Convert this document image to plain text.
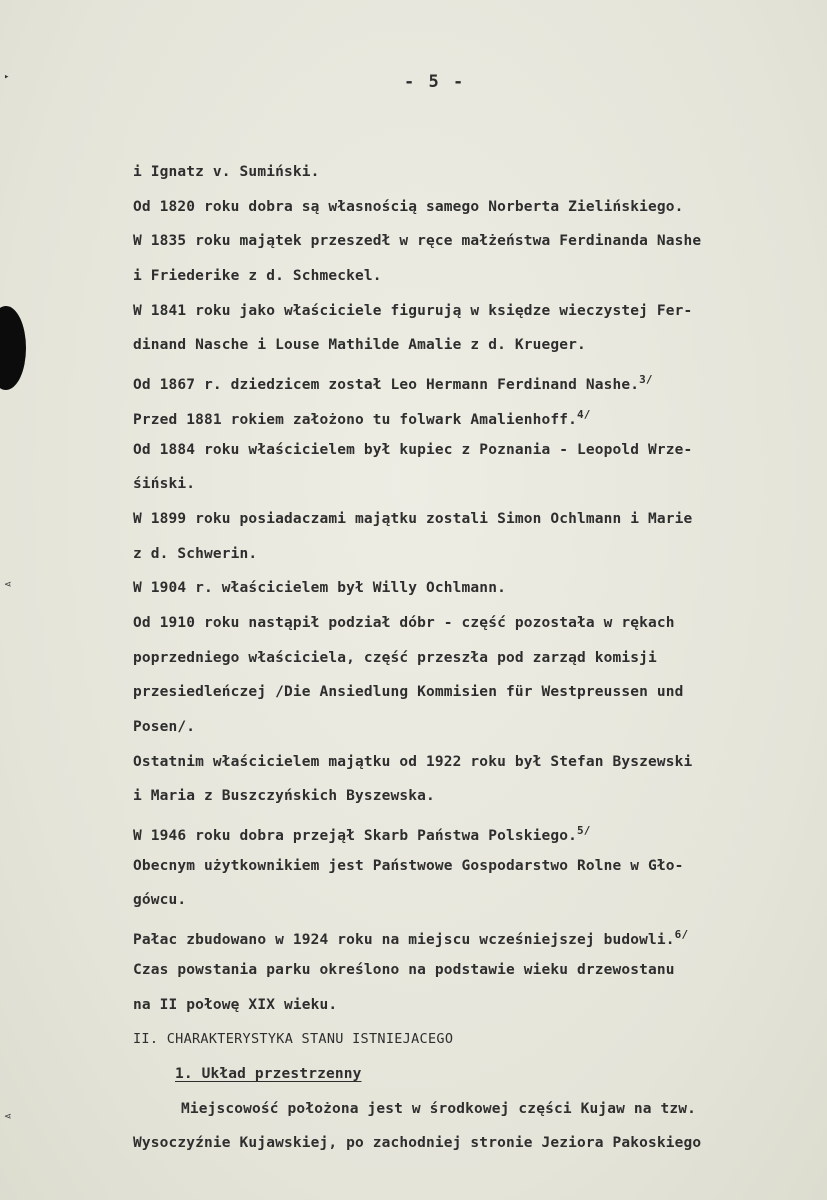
▸
⋖
⋖
- 5 -
i Ignatz v. Sumiński.
Od 1820 roku dobra są własnością samego Norberta Zielińskiego.
W 1835 roku majątek przeszedł w ręce małżeństwa Ferdinanda Nashe
i Friederike z d. Schmeckel.
W 1841 roku jako właściciele figurują w księdze wieczystej Fer-
dinand Nasche i Louse Mathilde Amalie z d. Krueger.
Od 1867 r. dziedzicem został Leo Hermann Ferdinand Nashe.$^{3/}$
Przed 1881 rokiem założono tu folwark Amalienhoff.$^{4/}$
Od 1884 roku właścicielem był kupiec z Poznania - Leopold Wrze-
śiński.
W 1899 roku posiadaczami majątku zostali Simon Ochlmann i Marie
z d. Schwerin.
W 1904 r. właścicielem był Willy Ochlmann.
Od 1910 roku nastąpił podział dóbr - część pozostała w rękach
poprzedniego właściciela, część przeszła pod zarząd komisji
przesiedleńczej /Die Ansiedlung Kommisien für Westpreussen und
Posen/.
Ostatnim właścicielem majątku od 1922 roku był Stefan Byszewski
i Maria z Buszczyńskich Byszewska.
W 1946 roku dobra przejął Skarb Państwa Polskiego.$^{5/}$
Obecnym użytkownikiem jest Państwowe Gospodarstwo Rolne w Gło-
gówcu.
Pałac zbudowano w 1924 roku na miejscu wcześniejszej budowli.$^{6/}$
Czas powstania parku określono na podstawie wieku drzewostanu
na II połowę XIX wieku.
II. CHARAKTERYSTYKA STANU ISTNIEJACEGO
1. Układ przestrzenny
Miejscowość położona jest w środkowej części Kujaw na tzw.
Wysoczyźnie Kujawskiej, po zachodniej stronie Jeziora Pakoskiego
